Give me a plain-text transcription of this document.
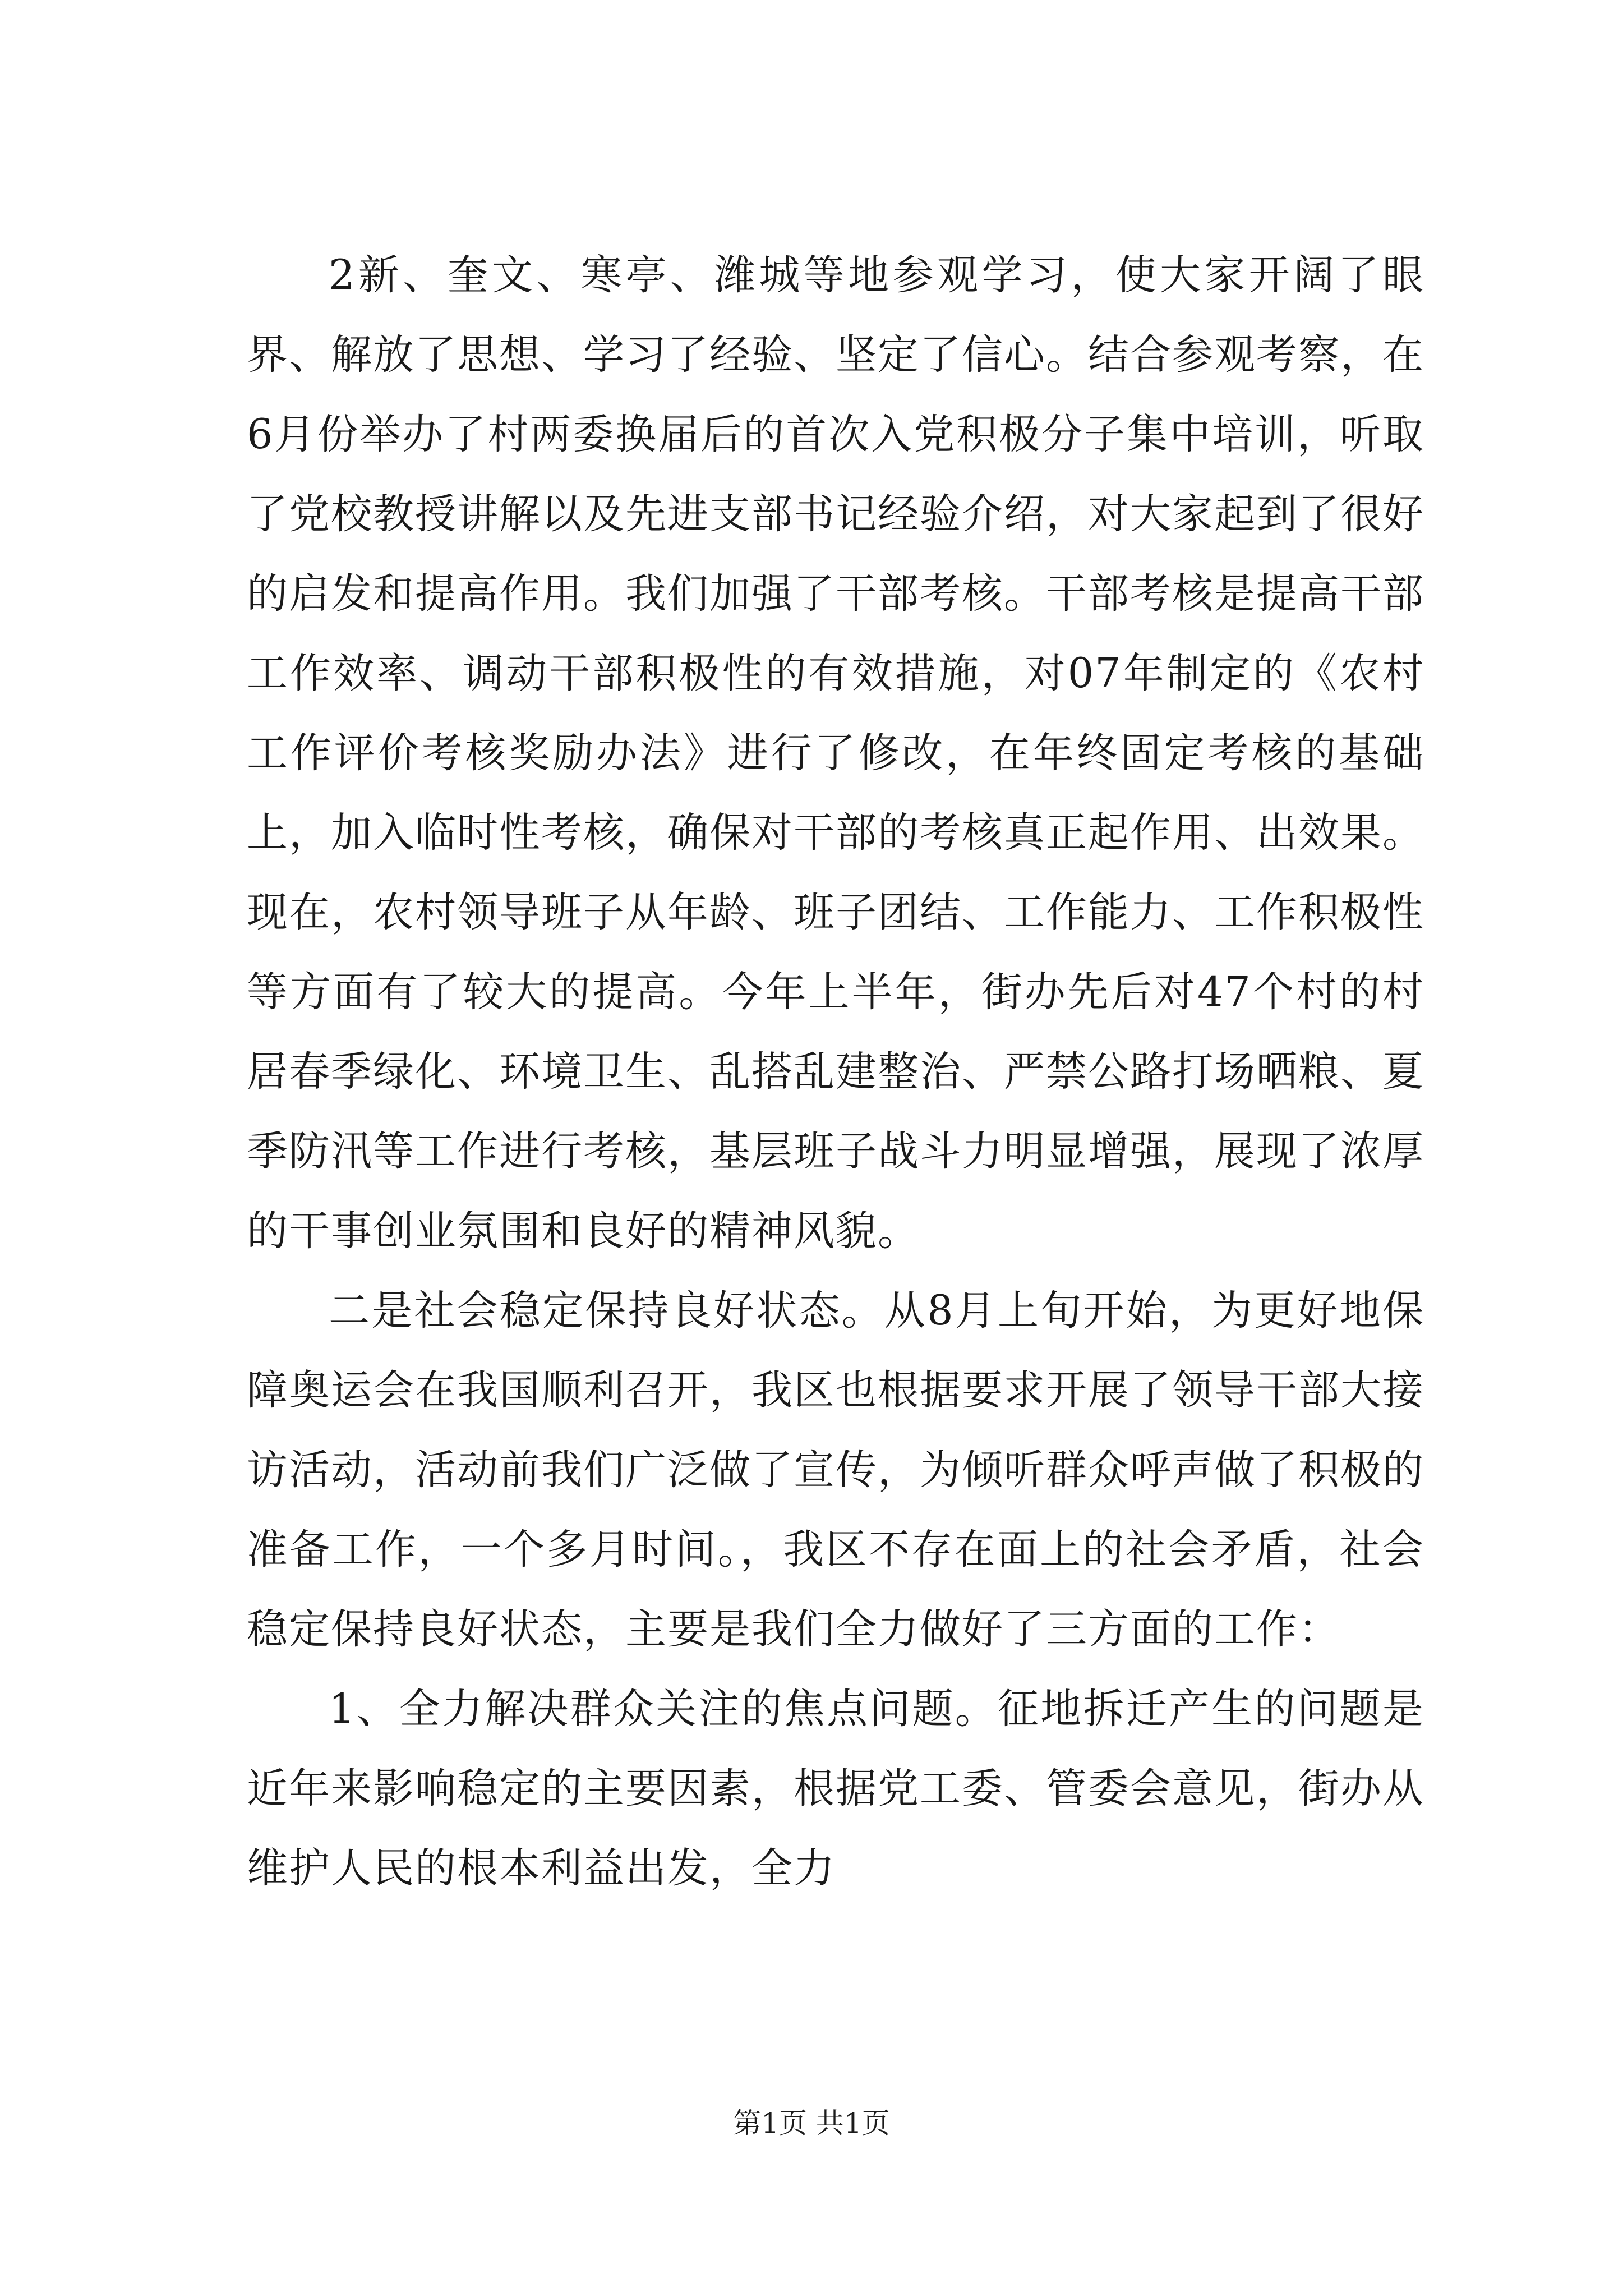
2新、奎文、寒亭、潍城等地参观学习，使大家开阔了眼界、解放了思想、学习了经验、坚定了信心。结合参观考察，在6月份举办了村两委换届后的首次入党积极分子集中培训，听取了党校教授讲解以及先进支部书记经验介绍，对大家起到了很好的启发和提高作用。我们加强了干部考核。干部考核是提高干部工作效率、调动干部积极性的有效措施，对07年制定的《农村工作评价考核奖励办法》进行了修改，在年终固定考核的基础上，加入临时性考核，确保对干部的考核真正起作用、出效果。现在，农村领导班子从年龄、班子团结、工作能力、工作积极性等方面有了较大的提高。今年上半年，街办先后对47个村的村居春季绿化、环境卫生、乱搭乱建整治、严禁公路打场晒粮、夏季防汛等工作进行考核，基层班子战斗力明显增强，展现了浓厚的干事创业氛围和良好的精神风貌。

二是社会稳定保持良好状态。从8月上旬开始，为更好地保障奥运会在我国顺利召开，我区也根据要求开展了领导干部大接访活动，活动前我们广泛做了宣传，为倾听群众呼声做了积极的准备工作，一个多月时间。，我区不存在面上的社会矛盾，社会稳定保持良好状态，主要是我们全力做好了三方面的工作：

1、全力解决群众关注的焦点问题。征地拆迁产生的问题是近年来影响稳定的主要因素，根据党工委、管委会意见，街办从维护人民的根本利益出发，全力

第1页 共1页
